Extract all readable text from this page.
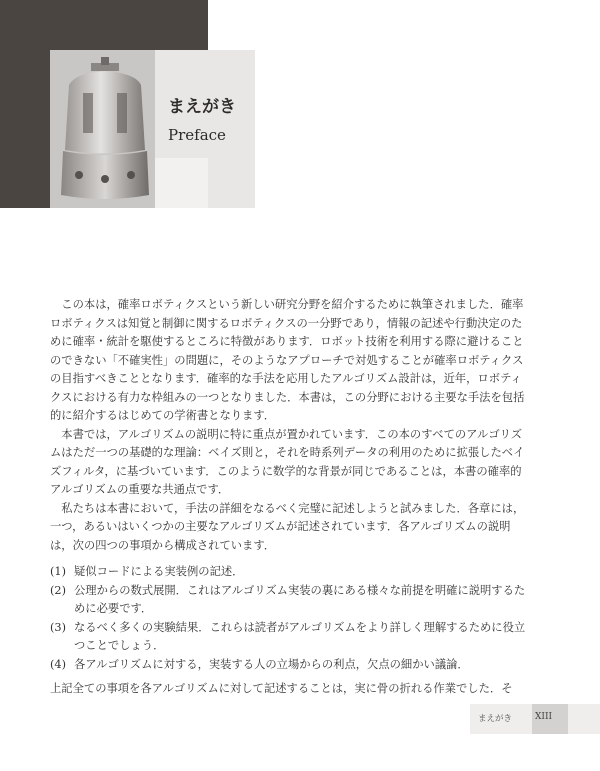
まえがき
Preface

この本は，確率ロボティクスという新しい研究分野を紹介するために執筆されました．確率ロボティクスは知覚と制御に関するロボティクスの一分野であり，情報の記述や行動決定のために確率・統計を駆使するところに特徴があります．ロボット技術を利用する際に避けることのできない「不確実性」の問題に，そのようなアプローチで対処することが確率ロボティクスの目指すべきこととなります．確率的な手法を応用したアルゴリズム設計は，近年，ロボティクスにおける有力な枠組みの一つとなりました．本書は，この分野における主要な手法を包括的に紹介するはじめての学術書となります．

本書では，アルゴリズムの説明に特に重点が置かれています．この本のすべてのアルゴリズムはただ一つの基礎的な理論：ベイズ則と，それを時系列データの利用のために拡張したベイズフィルタ，に基づいています．このように数学的な背景が同じであることは，本書の確率的アルゴリズムの重要な共通点です．

私たちは本書において，手法の詳細をなるべく完璧に記述しようと試みました．各章には，一つ，あるいはいくつかの主要なアルゴリズムが記述されています．各アルゴリズムの説明は，次の四つの事項から構成されています．

(1) 疑似コードによる実装例の記述．
(2) 公理からの数式展開．これはアルゴリズム実装の裏にある様々な前提を明確に説明するために必要です．
(3) なるべく多くの実験結果．これらは読者がアルゴリズムをより詳しく理解するために役立つことでしょう．
(4) 各アルゴリズムに対する，実装する人の立場からの利点，欠点の細かい議論．

上記全ての事項を各アルゴリズムに対して記述することは，実に骨の折れる作業でした．そ

まえがき	XIII
